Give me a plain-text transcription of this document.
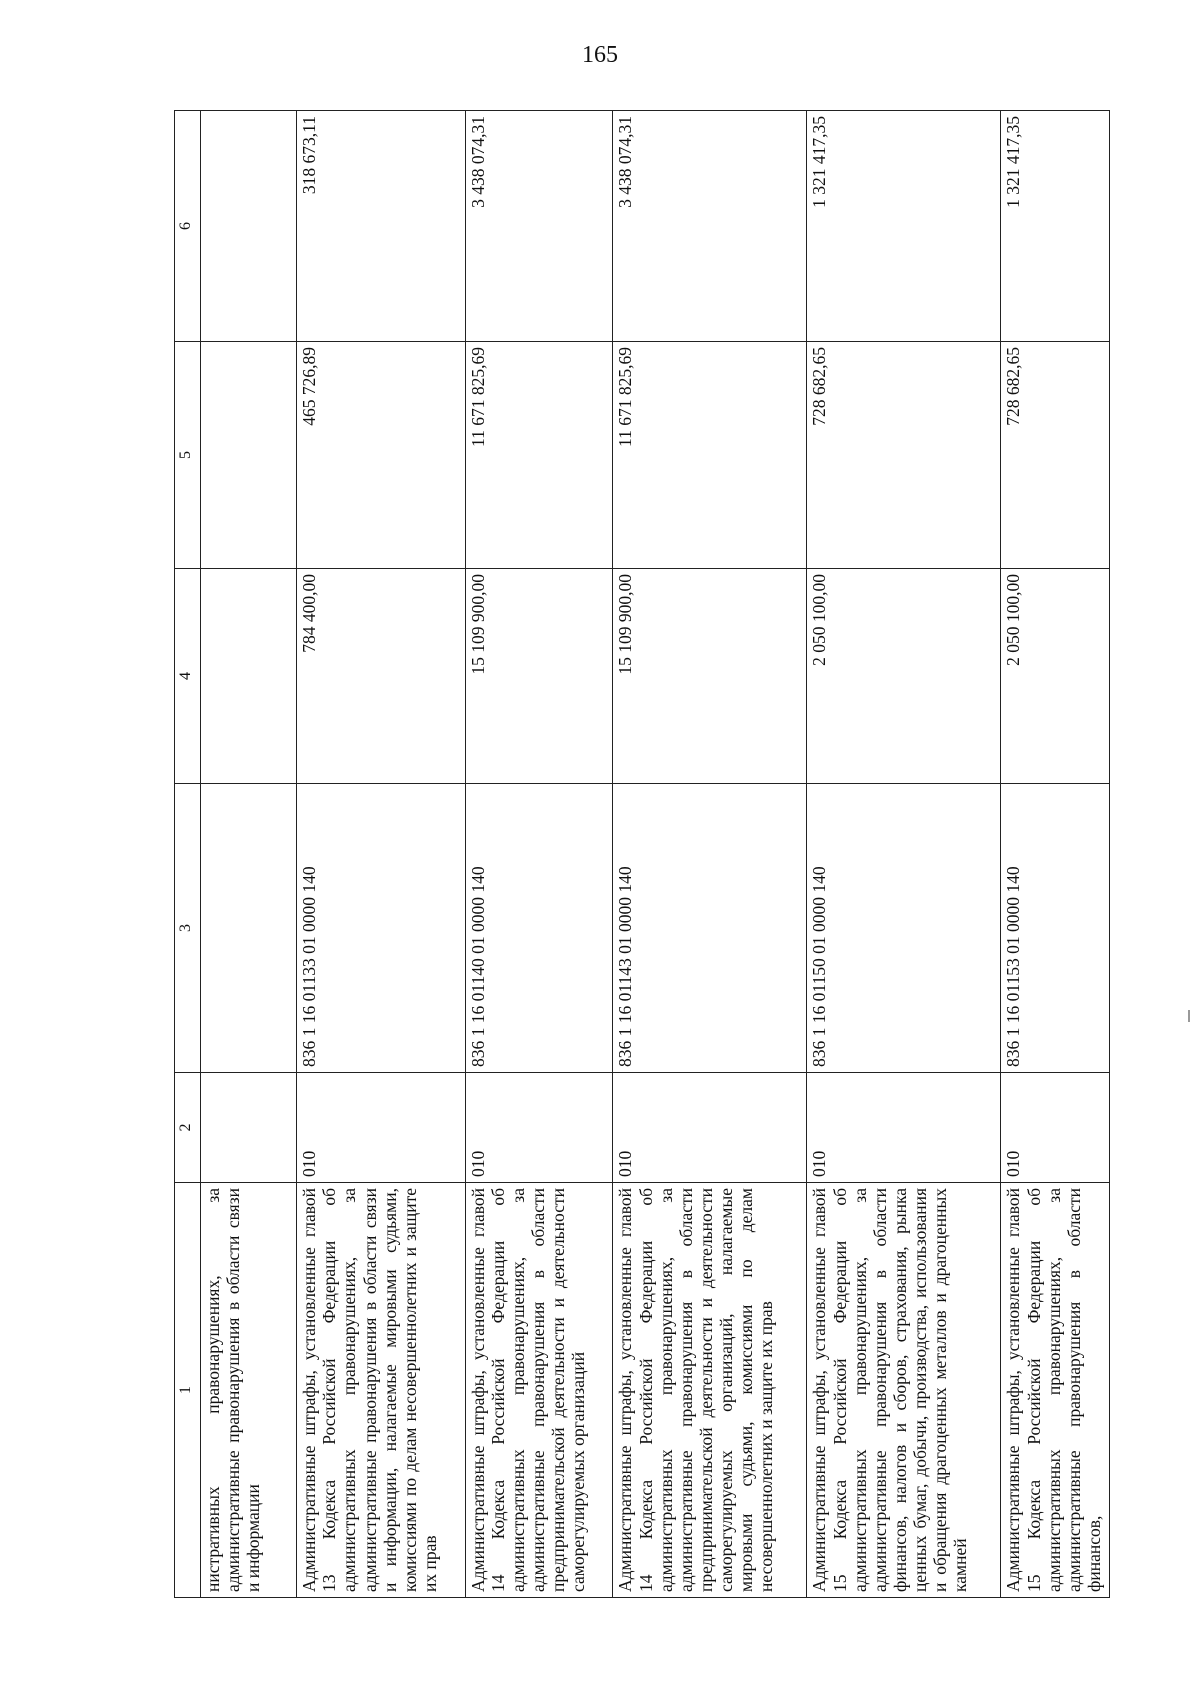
165
1	2	3	4	5	6
нистративных правонарушениях, за административные правонарушения в области связи и информации					
Административные штрафы, установленные главой 13 Кодекса Российской Федерации об административных правонарушениях, за административные правонарушения в области связи и информации, налагаемые мировыми судьями, комиссиями по делам несовершеннолетних и защите их прав	010	836 1 16 01133 01 0000 140	784 400,00	465 726,89	318 673,11
Административные штрафы, установленные главой 14 Кодекса Российской Федерации об административных правонарушениях, за административные правонарушения в области предпринимательской деятельности и деятельности саморегулируемых организаций	010	836 1 16 01140 01 0000 140	15 109 900,00	11 671 825,69	3 438 074,31
Административные штрафы, установленные главой 14 Кодекса Российской Федерации об административных правонарушениях, за административные правонарушения в области предпринимательской деятельности и деятельности саморегулируемых организаций, налагаемые мировыми судьями, комиссиями по делам несовершеннолетних и защите их прав	010	836 1 16 01143 01 0000 140	15 109 900,00	11 671 825,69	3 438 074,31
Административные штрафы, установленные главой 15 Кодекса Российской Федерации об административных правонарушениях, за административные правонарушения в области финансов, налогов и сборов, страхования, рынка ценных бумаг, добычи, производства, использования и обращения драгоценных металлов и драгоценных камней	010	836 1 16 01150 01 0000 140	2 050 100,00	728 682,65	1 321 417,35
Административные штрафы, установленные главой 15 Кодекса Российской Федерации об административных правонарушениях, за административные правонарушения в области финансов,	010	836 1 16 01153 01 0000 140	2 050 100,00	728 682,65	1 321 417,35
